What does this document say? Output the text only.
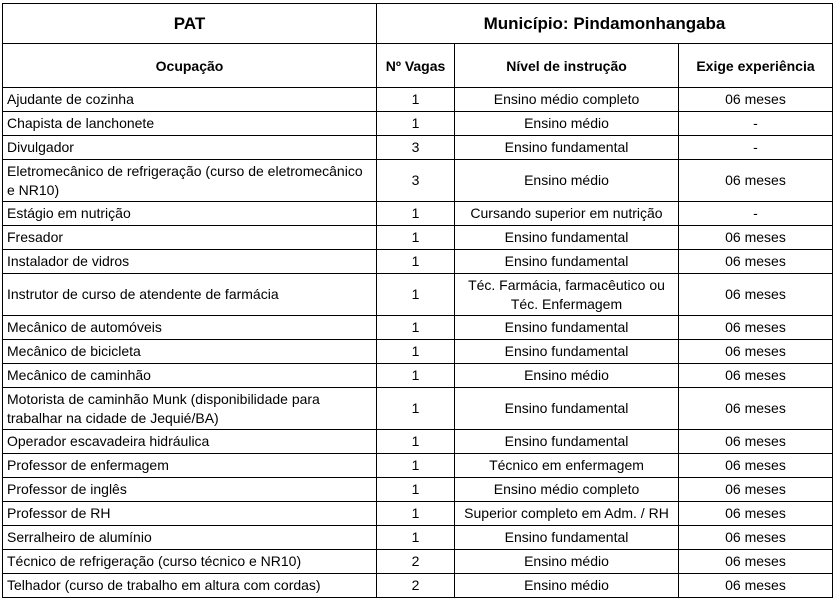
PAT	Município: Pindamonhangaba		
Ocupação	Nº Vagas	Nível de instrução	Exige experiência
Ajudante de cozinha	1	Ensino médio completo	06 meses
Chapista de lanchonete	1	Ensino médio	-
Divulgador	3	Ensino fundamental	-
Eletromecânico de refrigeração (curso de eletromecânico e NR10)	3	Ensino médio	06 meses
Estágio em nutrição	1	Cursando superior em nutrição	-
Fresador	1	Ensino fundamental	06 meses
Instalador de vidros	1	Ensino fundamental	06 meses
Instrutor de curso de atendente de farmácia	1	Téc. Farmácia, farmacêutico ou Téc. Enfermagem	06 meses
Mecânico de automóveis	1	Ensino fundamental	06 meses
Mecânico de bicicleta	1	Ensino fundamental	06 meses
Mecânico de caminhão	1	Ensino médio	06 meses
Motorista de caminhão Munk (disponibilidade para trabalhar na cidade de Jequié/BA)	1	Ensino fundamental	06 meses
Operador escavadeira hidráulica	1	Ensino fundamental	06 meses
Professor de enfermagem	1	Técnico em enfermagem	06 meses
Professor de inglês	1	Ensino médio completo	06 meses
Professor de RH	1	Superior completo em Adm. / RH	06 meses
Serralheiro de alumínio	1	Ensino fundamental	06 meses
Técnico de refrigeração (curso técnico e NR10)	2	Ensino médio	06 meses
Telhador (curso de trabalho em altura com cordas)	2	Ensino médio	06 meses
